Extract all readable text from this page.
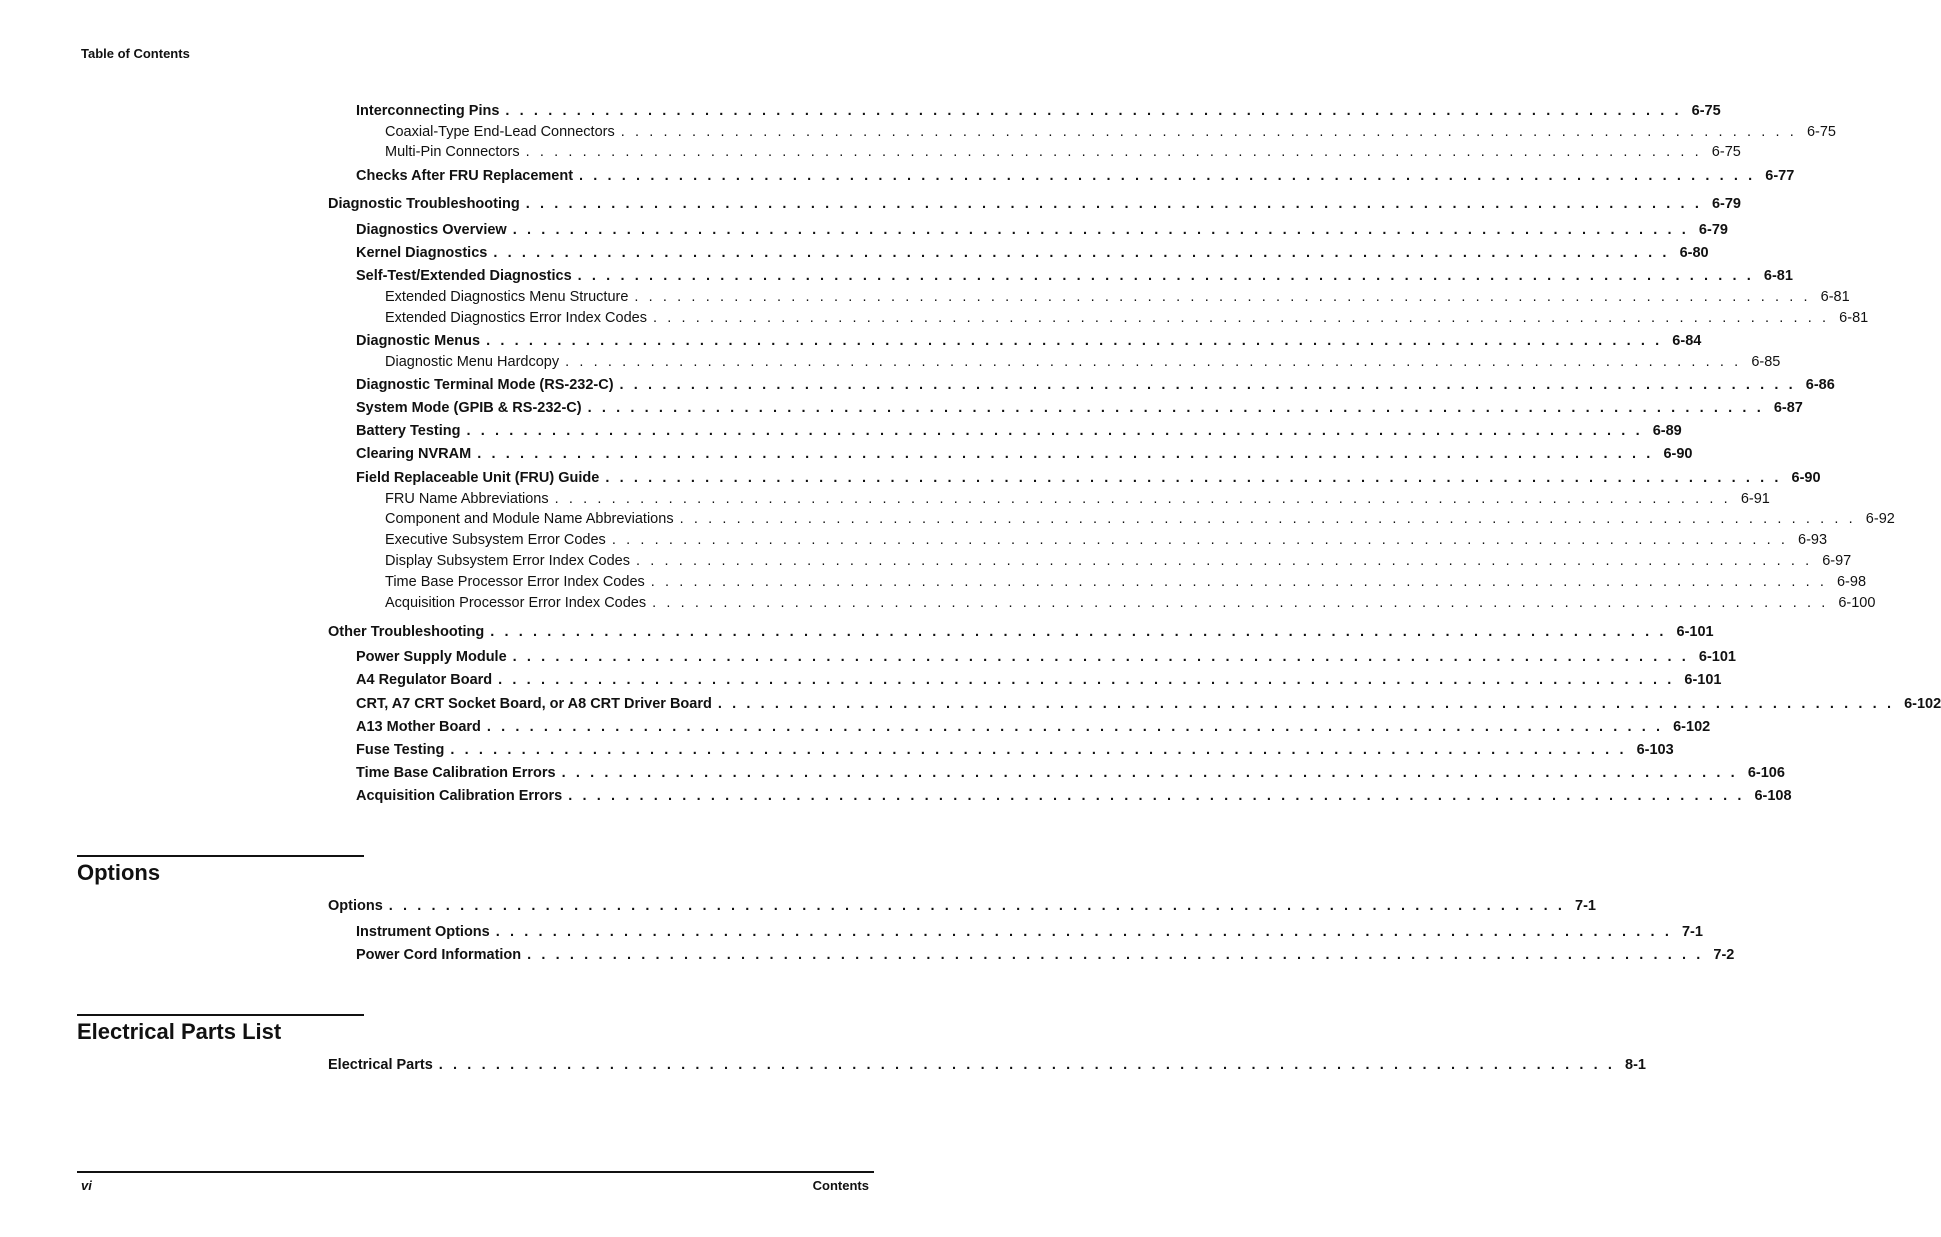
Table of Contents
Interconnecting Pins . . . . . . . . . . . . . . . . . . . . . . . . . . . . . . . . . . . . . . . . . . . . . . . . . . . . . . . . . . . . . . . . . . . . . . . . . . . . . . . . . . . 6-75
Coaxial-Type End-Lead Connectors . . . . . . . . . . . . . . . . . . . . . . . . . . . . . . . . . . . . . . . . . . . . . . . . . . . . . . . . . . . . . . . . . . . . . . . . . . . . . . . . . . . 6-75
Multi-Pin Connectors . . . . . . . . . . . . . . . . . . . . . . . . . . . . . . . . . . . . . . . . . . . . . . . . . . . . . . . . . . . . . . . . . . . . . . . . . . . . . . . . . . . 6-75
Checks After FRU Replacement . . . . . . . . . . . . . . . . . . . . . . . . . . . . . . . . . . . . . . . . . . . . . . . . . . . . . . . . . . . . . . . . . . . . . . . . . . . . . . . . . . . 6-77
Diagnostic Troubleshooting . . . . . . . . . . . . . . . . . . . . . . . . . . . . . . . . . . . . . . . . . . . . . . . . . . . . . . . . . . . . . . . . . . . . . . . . . . . . . . . . . . . 6-79
Diagnostics Overview . . . . . . . . . . . . . . . . . . . . . . . . . . . . . . . . . . . . . . . . . . . . . . . . . . . . . . . . . . . . . . . . . . . . . . . . . . . . . . . . . . . 6-79
Kernel Diagnostics . . . . . . . . . . . . . . . . . . . . . . . . . . . . . . . . . . . . . . . . . . . . . . . . . . . . . . . . . . . . . . . . . . . . . . . . . . . . . . . . . . . 6-80
Self-Test/Extended Diagnostics . . . . . . . . . . . . . . . . . . . . . . . . . . . . . . . . . . . . . . . . . . . . . . . . . . . . . . . . . . . . . . . . . . . . . . . . . . . . . . . . . . . 6-81
Extended Diagnostics Menu Structure . . . . . . . . . . . . . . . . . . . . . . . . . . . . . . . . . . . . . . . . . . . . . . . . . . . . . . . . . . . . . . . . . . . . . . . . . . . . . . . . . . . 6-81
Extended Diagnostics Error Index Codes . . . . . . . . . . . . . . . . . . . . . . . . . . . . . . . . . . . . . . . . . . . . . . . . . . . . . . . . . . . . . . . . . . . . . . . . . . . . . . . . . . . 6-81
Diagnostic Menus . . . . . . . . . . . . . . . . . . . . . . . . . . . . . . . . . . . . . . . . . . . . . . . . . . . . . . . . . . . . . . . . . . . . . . . . . . . . . . . . . . . 6-84
Diagnostic Menu Hardcopy . . . . . . . . . . . . . . . . . . . . . . . . . . . . . . . . . . . . . . . . . . . . . . . . . . . . . . . . . . . . . . . . . . . . . . . . . . . . . . . . . . . 6-85
Diagnostic Terminal Mode (RS-232-C) . . . . . . . . . . . . . . . . . . . . . . . . . . . . . . . . . . . . . . . . . . . . . . . . . . . . . . . . . . . . . . . . . . . . . . . . . . . . . . . . . . . 6-86
System Mode (GPIB & RS-232-C) . . . . . . . . . . . . . . . . . . . . . . . . . . . . . . . . . . . . . . . . . . . . . . . . . . . . . . . . . . . . . . . . . . . . . . . . . . . . . . . . . . . 6-87
Battery Testing . . . . . . . . . . . . . . . . . . . . . . . . . . . . . . . . . . . . . . . . . . . . . . . . . . . . . . . . . . . . . . . . . . . . . . . . . . . . . . . . . . . 6-89
Clearing NVRAM . . . . . . . . . . . . . . . . . . . . . . . . . . . . . . . . . . . . . . . . . . . . . . . . . . . . . . . . . . . . . . . . . . . . . . . . . . . . . . . . . . . 6-90
Field Replaceable Unit (FRU) Guide . . . . . . . . . . . . . . . . . . . . . . . . . . . . . . . . . . . . . . . . . . . . . . . . . . . . . . . . . . . . . . . . . . . . . . . . . . . . . . . . . . . 6-90
FRU Name Abbreviations . . . . . . . . . . . . . . . . . . . . . . . . . . . . . . . . . . . . . . . . . . . . . . . . . . . . . . . . . . . . . . . . . . . . . . . . . . . . . . . . . . . 6-91
Component and Module Name Abbreviations . . . . . . . . . . . . . . . . . . . . . . . . . . . . . . . . . . . . . . . . . . . . . . . . . . . . . . . . . . . . . . . . . . . . . . . . . . . . . . . . . . . 6-92
Executive Subsystem Error Codes . . . . . . . . . . . . . . . . . . . . . . . . . . . . . . . . . . . . . . . . . . . . . . . . . . . . . . . . . . . . . . . . . . . . . . . . . . . . . . . . . . . 6-93
Display Subsystem Error Index Codes . . . . . . . . . . . . . . . . . . . . . . . . . . . . . . . . . . . . . . . . . . . . . . . . . . . . . . . . . . . . . . . . . . . . . . . . . . . . . . . . . . . 6-97
Time Base Processor Error Index Codes . . . . . . . . . . . . . . . . . . . . . . . . . . . . . . . . . . . . . . . . . . . . . . . . . . . . . . . . . . . . . . . . . . . . . . . . . . . . . . . . . . . 6-98
Acquisition Processor Error Index Codes . . . . . . . . . . . . . . . . . . . . . . . . . . . . . . . . . . . . . . . . . . . . . . . . . . . . . . . . . . . . . . . . . . . . . . . . . . . . . . . . . . . 6-100
Other Troubleshooting . . . . . . . . . . . . . . . . . . . . . . . . . . . . . . . . . . . . . . . . . . . . . . . . . . . . . . . . . . . . . . . . . . . . . . . . . . . . . . . . . . . 6-101
Power Supply Module . . . . . . . . . . . . . . . . . . . . . . . . . . . . . . . . . . . . . . . . . . . . . . . . . . . . . . . . . . . . . . . . . . . . . . . . . . . . . . . . . . . 6-101
A4 Regulator Board . . . . . . . . . . . . . . . . . . . . . . . . . . . . . . . . . . . . . . . . . . . . . . . . . . . . . . . . . . . . . . . . . . . . . . . . . . . . . . . . . . . 6-101
CRT, A7 CRT Socket Board, or A8 CRT Driver Board . . . . . . . . . . . . . . . . . . . . . . . . . . . . . . . . . . . . . . . . . . . . . . . . . . . . . . . . . . . . . . . . . . . . . . . . . . . . . . . . . . . 6-102
A13 Mother Board . . . . . . . . . . . . . . . . . . . . . . . . . . . . . . . . . . . . . . . . . . . . . . . . . . . . . . . . . . . . . . . . . . . . . . . . . . . . . . . . . . . 6-102
Fuse Testing . . . . . . . . . . . . . . . . . . . . . . . . . . . . . . . . . . . . . . . . . . . . . . . . . . . . . . . . . . . . . . . . . . . . . . . . . . . . . . . . . . . 6-103
Time Base Calibration Errors . . . . . . . . . . . . . . . . . . . . . . . . . . . . . . . . . . . . . . . . . . . . . . . . . . . . . . . . . . . . . . . . . . . . . . . . . . . . . . . . . . . 6-106
Acquisition Calibration Errors . . . . . . . . . . . . . . . . . . . . . . . . . . . . . . . . . . . . . . . . . . . . . . . . . . . . . . . . . . . . . . . . . . . . . . . . . . . . . . . . . . . 6-108
Options
Options . . . . . . . . . . . . . . . . . . . . . . . . . . . . . . . . . . . . . . . . . . . . . . . . . . . . . . . . . . . . . . . . . . . . . . . . . . . . . . . . . . . 7-1
Instrument Options . . . . . . . . . . . . . . . . . . . . . . . . . . . . . . . . . . . . . . . . . . . . . . . . . . . . . . . . . . . . . . . . . . . . . . . . . . . . . . . . . . . 7-1
Power Cord Information . . . . . . . . . . . . . . . . . . . . . . . . . . . . . . . . . . . . . . . . . . . . . . . . . . . . . . . . . . . . . . . . . . . . . . . . . . . . . . . . . . . 7-2
Electrical Parts List
Electrical Parts . . . . . . . . . . . . . . . . . . . . . . . . . . . . . . . . . . . . . . . . . . . . . . . . . . . . . . . . . . . . . . . . . . . . . . . . . . . . . . . . . . . 8-1
vi	Contents
